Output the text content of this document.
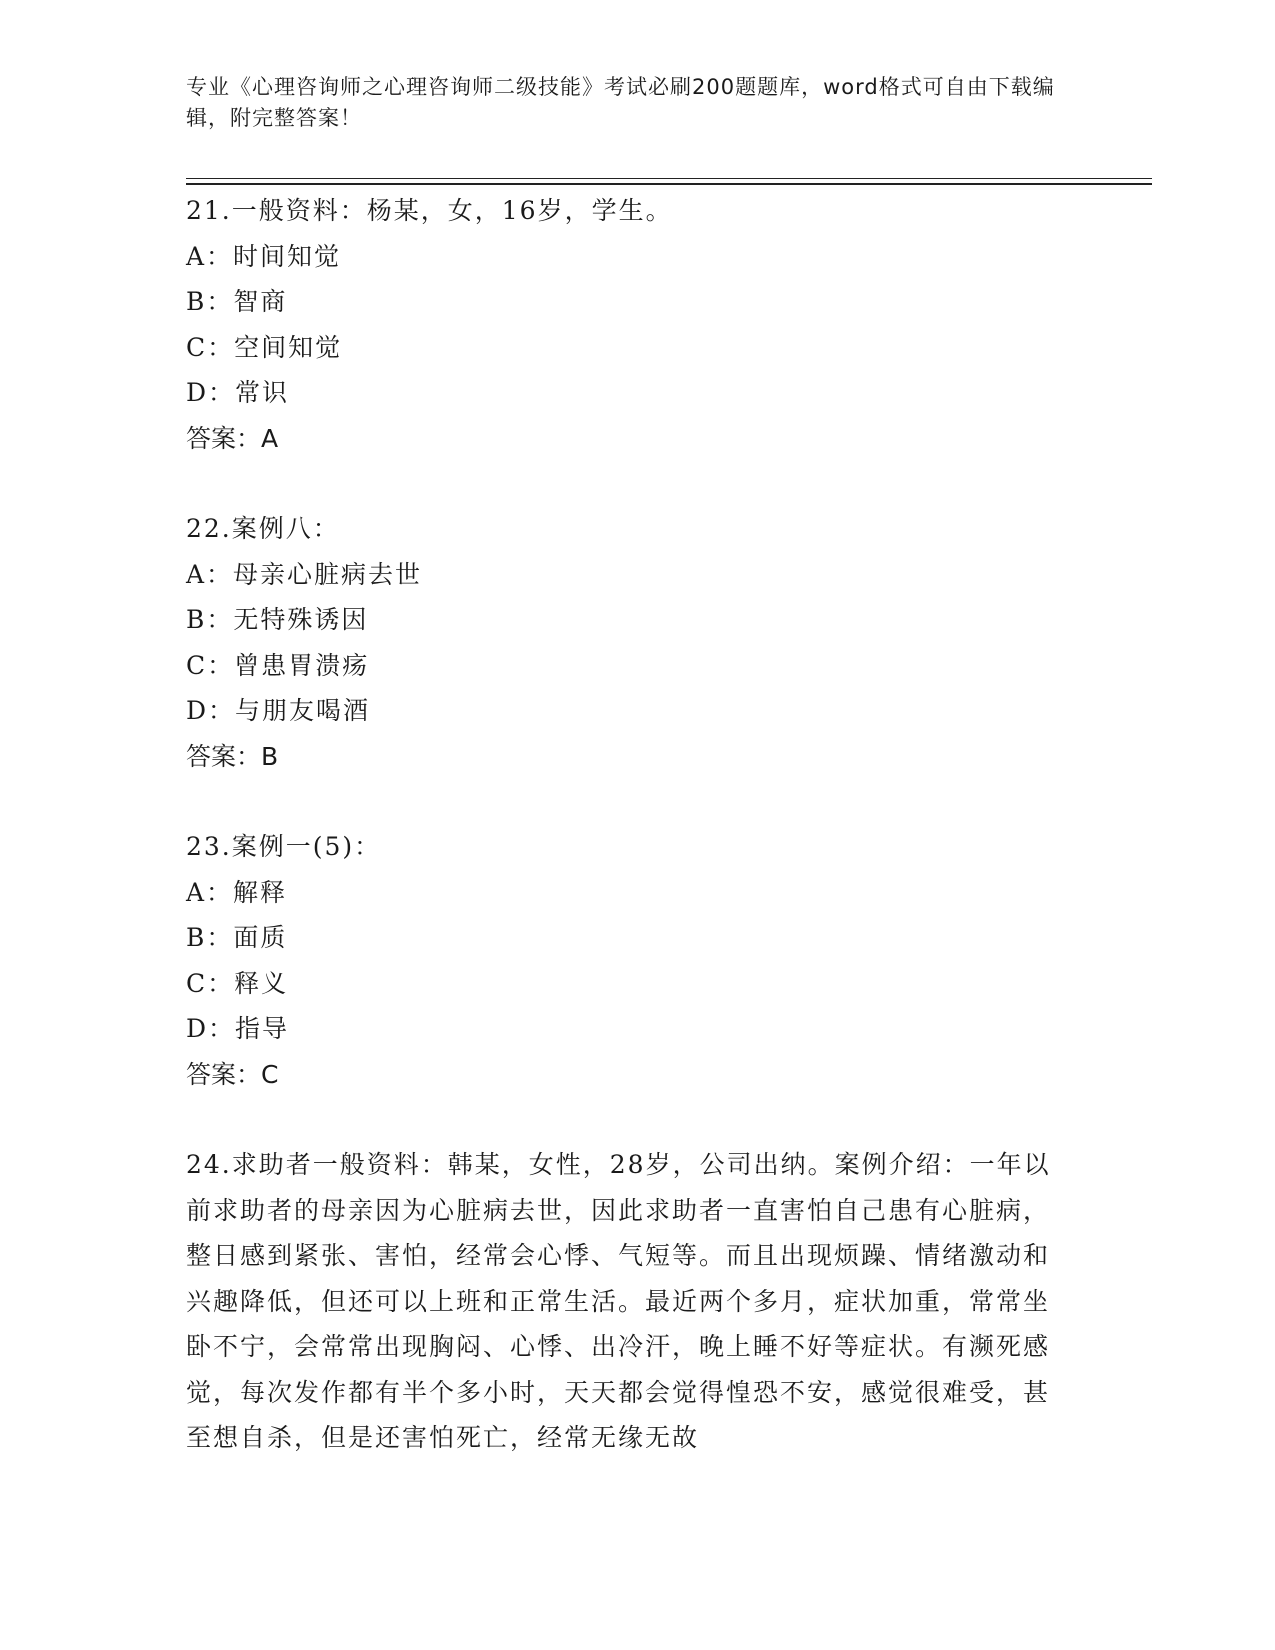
专业《心理咨询师之心理咨询师二级技能》考试必刷200题题库，word格式可自由下载编辑，附完整答案！
21.一般资料：杨某，女，16岁，学生。
A：时间知觉
B：智商
C：空间知觉
D：常识
答案：A
22.案例八：
A：母亲心脏病去世
B：无特殊诱因
C：曾患胃溃疡
D：与朋友喝酒
答案：B
23.案例一(5)：
A：解释
B：面质
C：释义
D：指导
答案：C

24.求助者一般资料：韩某，女性，28岁，公司出纳。案例介绍：一年以前求助者的母亲因为心脏病去世，因此求助者一直害怕自己患有心脏病，整日感到紧张、害怕，经常会心悸、气短等。而且出现烦躁、情绪激动和兴趣降低，但还可以上班和正常生活。最近两个多月，症状加重，常常坐卧不宁，会常常出现胸闷、心悸、出冷汗，晚上睡不好等症状。有濒死感觉，每次发作都有半个多小时，天天都会觉得惶恐不安，感觉很难受，甚至想自杀，但是还害怕死亡，经常无缘无故
